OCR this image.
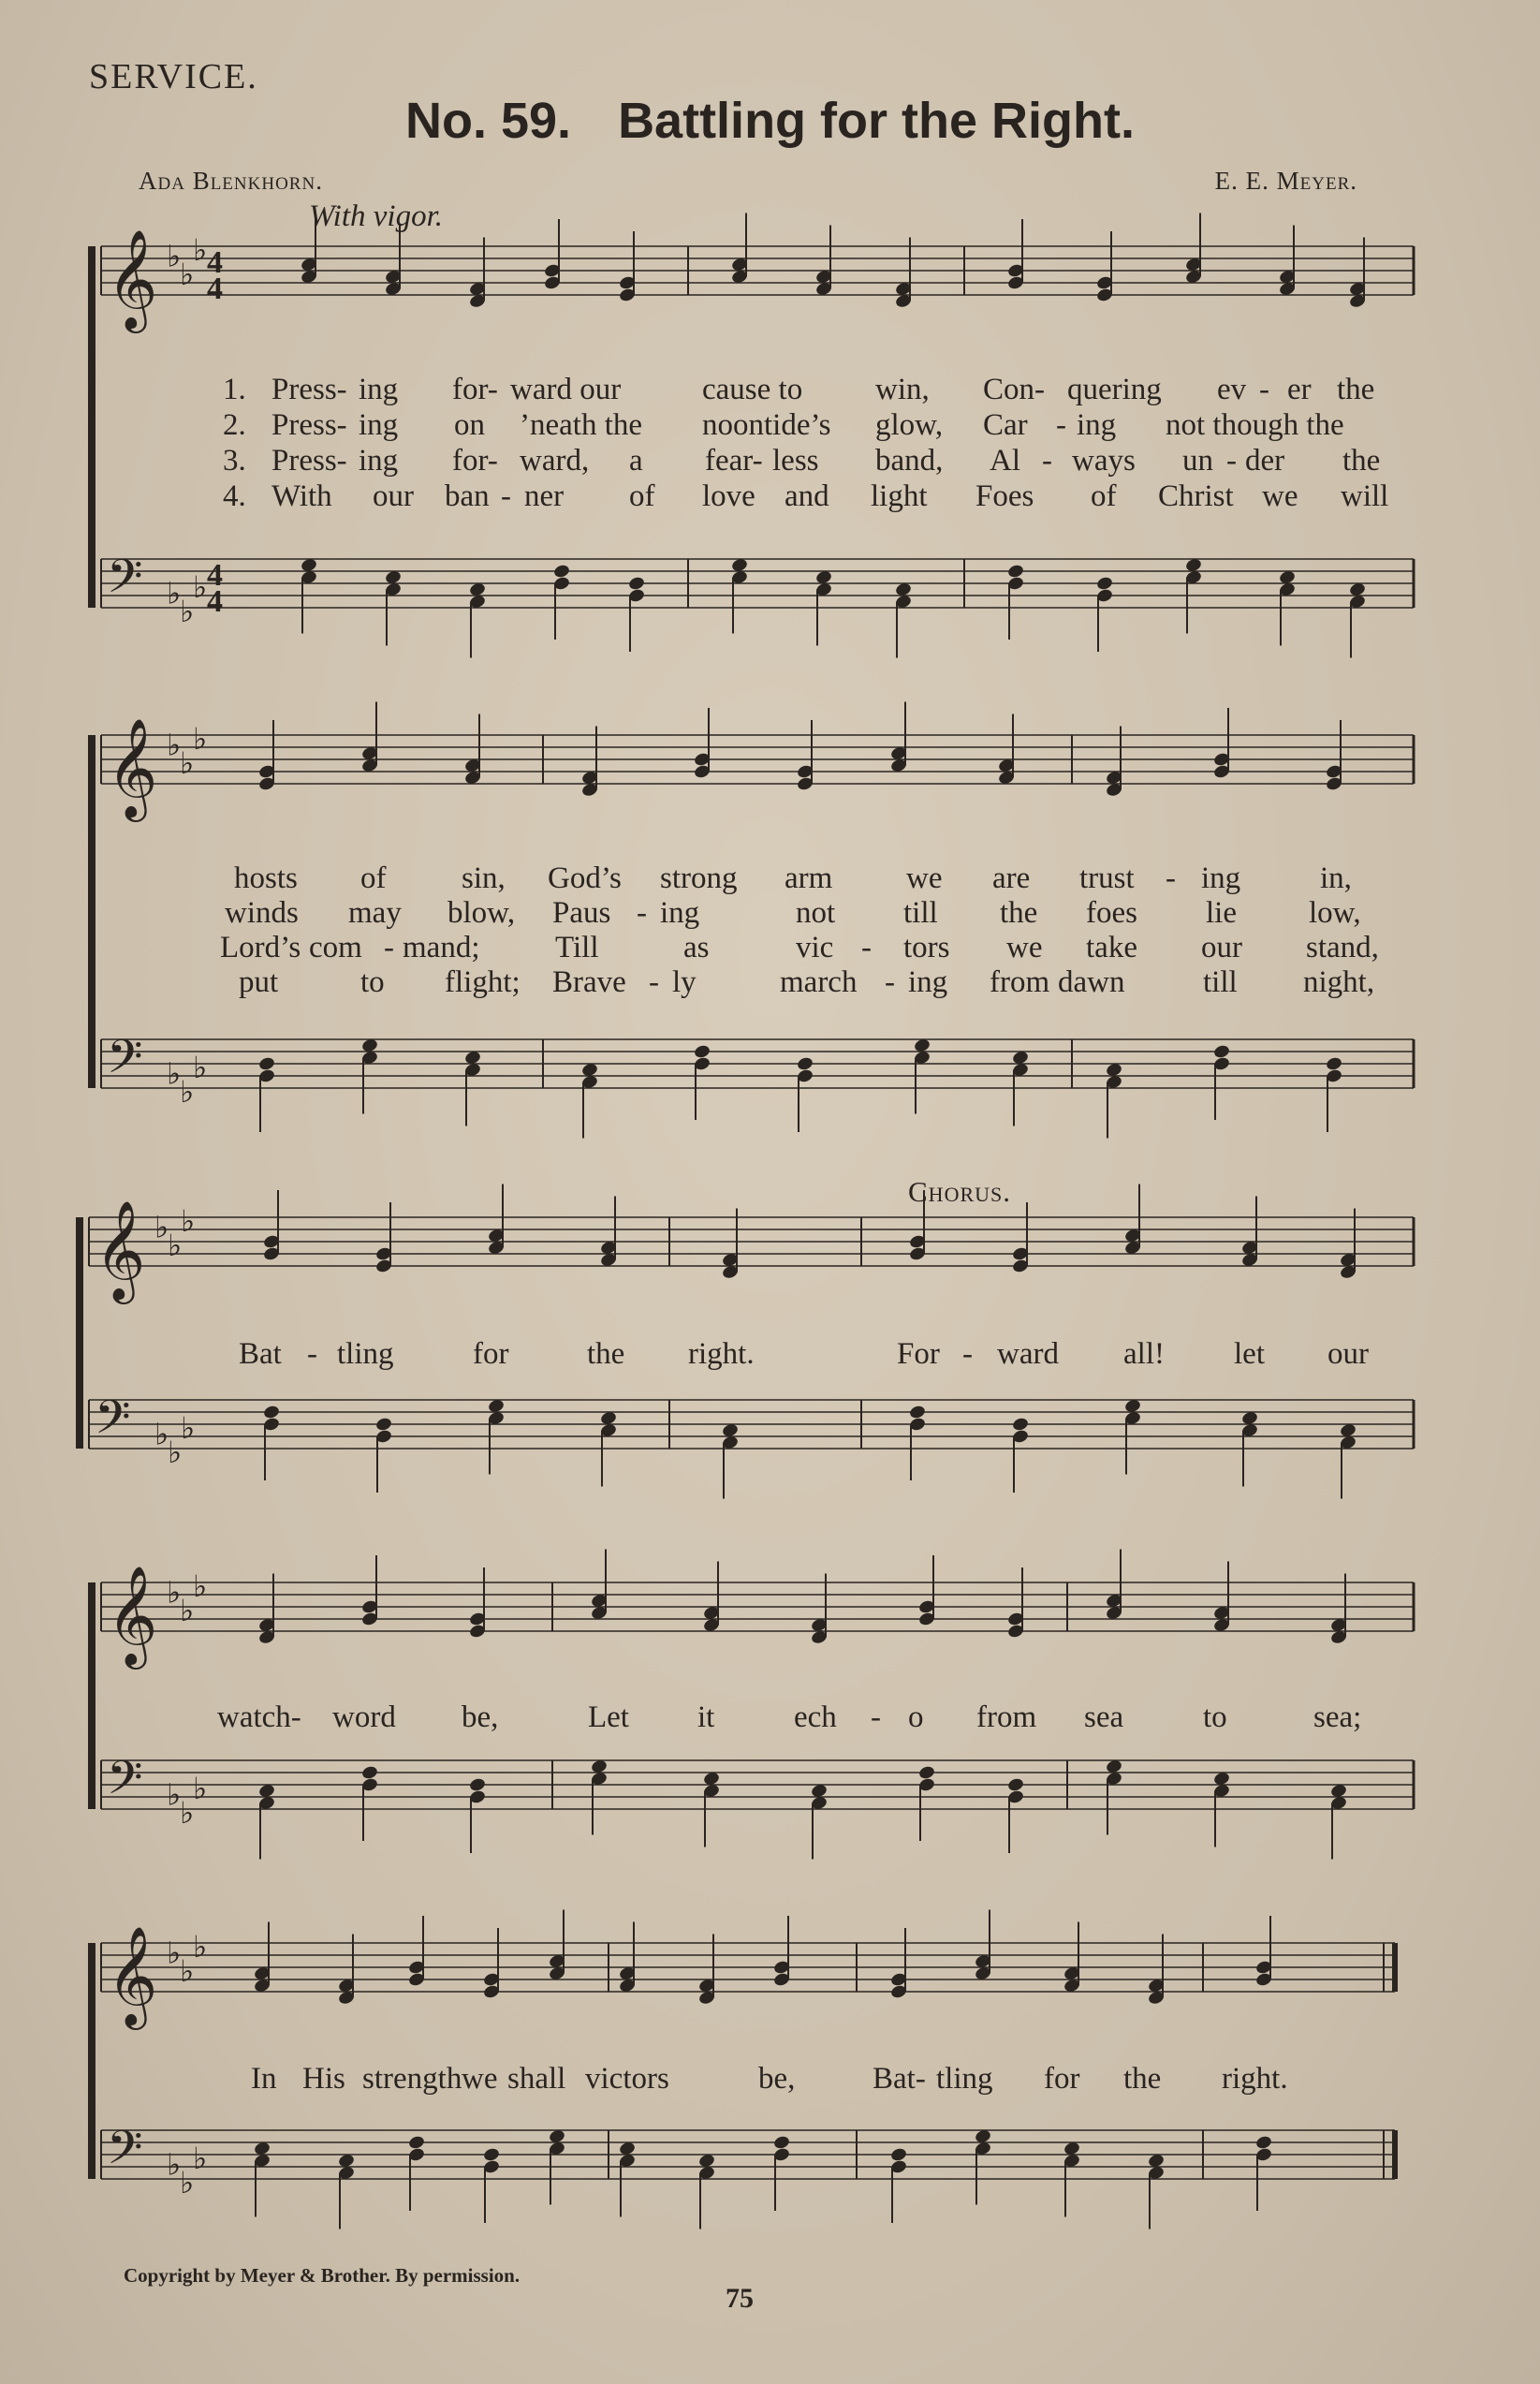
SERVICE.
No. 59. Battling for the Right.
Ada Blenkhorn.	E. E. Meyer.
With vigor.
𝄞 ♭
♭
♭ 4
4
𝄢 ♭
♭
♭ 4
4
𝄞 ♭
♭
♭
𝄢 ♭
♭
♭
𝄞 ♭
♭
♭
𝄢 ♭
♭
♭
𝄞 ♭
♭
♭
𝄢 ♭
♭
♭
𝄞 ♭
♭
♭
𝄢 ♭
♭
♭
1. Press- ing for- ward our	cause to win, Con- quering ev - er the
2. Press- ing on ’neath the noontide’s glow, Car - ing not though the
3. Press- ing for- ward, a fear- less band, Al - ways un - der the
4. With our ban - ner of love and light Foes of Christ we will
hosts of sin, God’s strong arm we are trust - ing	in,
winds may blow, Paus - ing	not till the foes lie low,
Lord’s com - mand; Till	as	vic - tors we take our stand,
put	to flight; Brave - ly	march - ing from dawn	till night,
Chorus.
Bat - tling	for	the right.	For - ward all! let our
watch- word be,	Let it	ech - o from sea	to	sea;
In His strength we shall victors	be,	Bat- tling for the right.
Copyright by Meyer & Brother. By permission.
75
